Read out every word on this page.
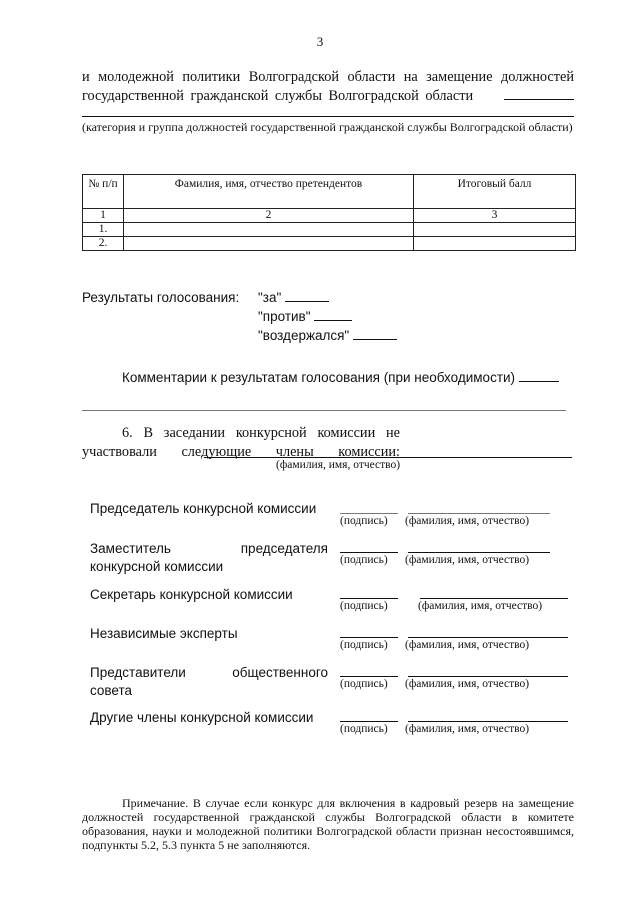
3
и молодежной политики Волгоградской области на замещение должностей
государственной гражданской службы Волгоградской области
(категория и группа должностей государственной гражданской службы Волгоградской области)
№ п/п	Фамилия, имя, отчество претендентов	Итоговый балл
1	2	3
1.		
2.		
Результаты голосования: "за"
"против"
"воздержался"
Комментарии к результатам голосования (при необходимости)
6. В заседании конкурсной комиссии не участвовали следующие члены комиссии:
(фамилия, имя, отчество)
Председатель конкурсной комиссии
(подпись) (фамилия, имя, отчество)
Заместитель	председателя
конкурсной комиссии	(подпись) (фамилия, имя, отчество)
Секретарь конкурсной комиссии
(подпись)	(фамилия, имя, отчество)
Независимые эксперты
(подпись) (фамилия, имя, отчество)
Представители	общественного
совета	(подпись) (фамилия, имя, отчество)
Другие члены конкурсной комиссии
(подпись) (фамилия, имя, отчество)
Примечание. В случае если конкурс для включения в кадровый резерв на замещение должностей государственной гражданской службы Волгоградской области в комитете образования, науки и молодежной политики Волгоградской области признан несостоявшимся, подпункты 5.2, 5.3 пункта 5 не заполняются.
